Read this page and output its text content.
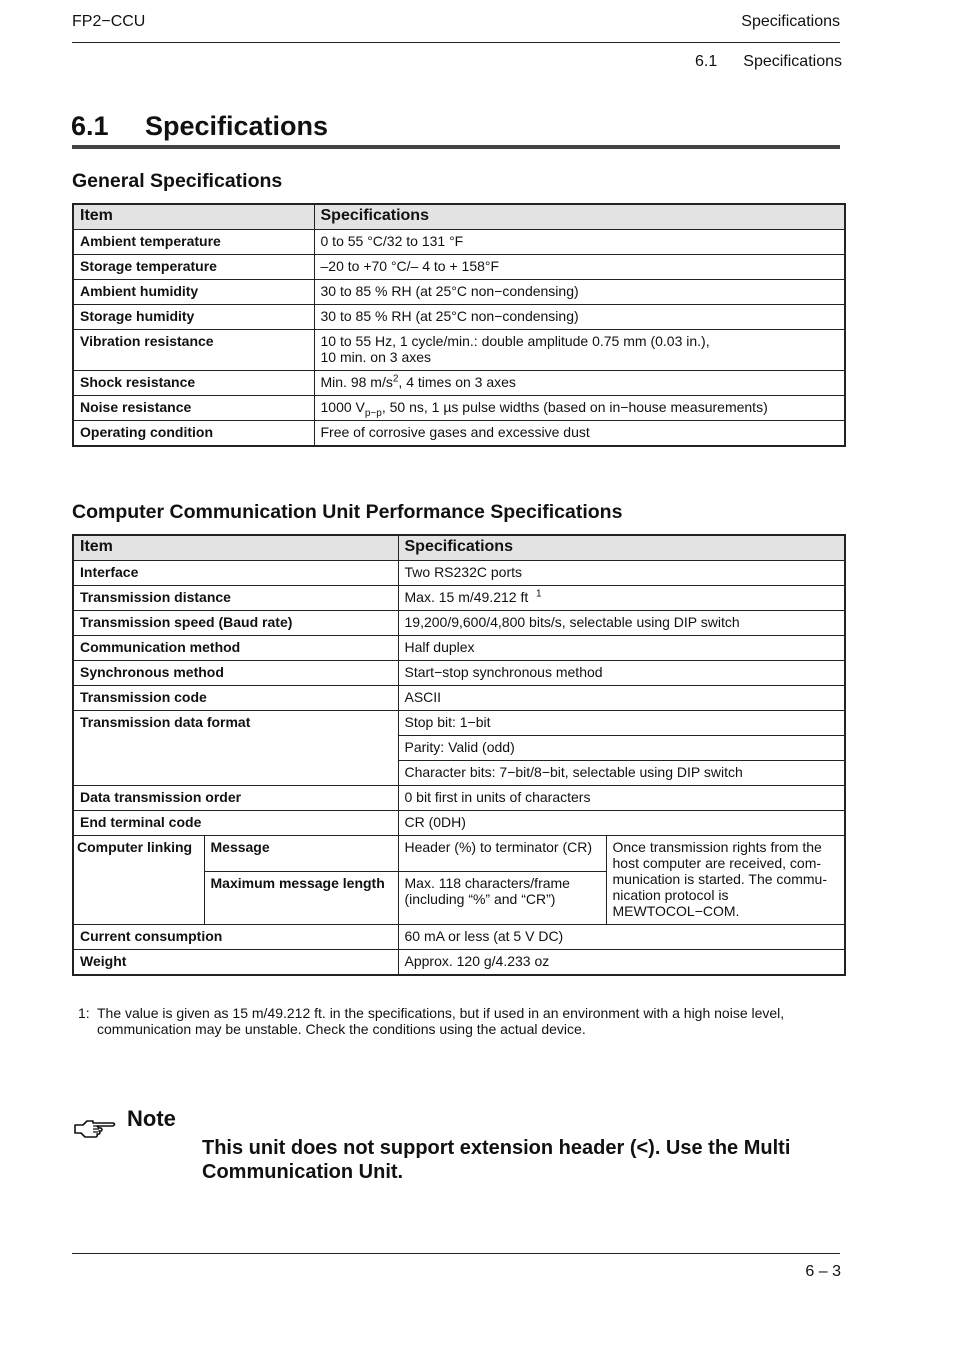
FP2−CCU	Specifications
6.1 Specifications
6.1 Specifications
General Specifications
Item	Specifications
Ambient temperature	0 to 55 °C/32 to 131 °F
Storage temperature	–20 to +70 °C/– 4 to + 158°F
Ambient humidity	30 to 85 % RH (at 25°C non−condensing)
Storage humidity	30 to 85 % RH (at 25°C non−condensing)
Vibration resistance	10 to 55 Hz, 1 cycle/min.: double amplitude 0.75 mm (0.03 in.),
10 min. on 3 axes

Shock resistance	Min. 98 $m/s^2$, 4 times on 3 axes
Noise resistance	1000 $V_{p-p}$, 50 ns, 1 µs pulse widths (based on in−house measurements)
Operating condition	Free of corrosive gases and excessive dust
Computer Communication Unit Performance Specifications
Item		Specifications	
Interface		Two RS232C ports	
Transmission distance		Max. 15 m/49.212 ft $^1$
Transmission speed (Baud rate)		19,200/9,600/4,800 bits/s, selectable using DIP switch	
Communication method		Half duplex	
Synchronous method		Start−stop synchronous method	
Transmission code		ASCII	
Transmission data format		Stop bit: 1−bit	
		Parity: Valid (odd)	
		Character bits: 7−bit/8−bit, selectable using DIP switch	
Data transmission order		0 bit first in units of characters	
End terminal code		CR (0DH)	
Computer linking	Message	Header (%) to terminator (CR)	Once transmission rights from the host computer are received, com-munication is started. The commu-nication protocol is MEWTOCOL−COM.
	Maximum message length	Max. 118 characters/frame
(including “%” and “CR”)	

Current consumption		60 mA or less (at 5 V DC)	
Weight		Approx. 120 g/4.233 oz	
1: The value is given as 15 m/49.212 ft. in the specifications, but if used in an environment with a high noise level, communication may be unstable. Check the conditions using the actual device.
Note
This unit does not support extension header (<). Use the Multi Communication Unit.
6 – 3
